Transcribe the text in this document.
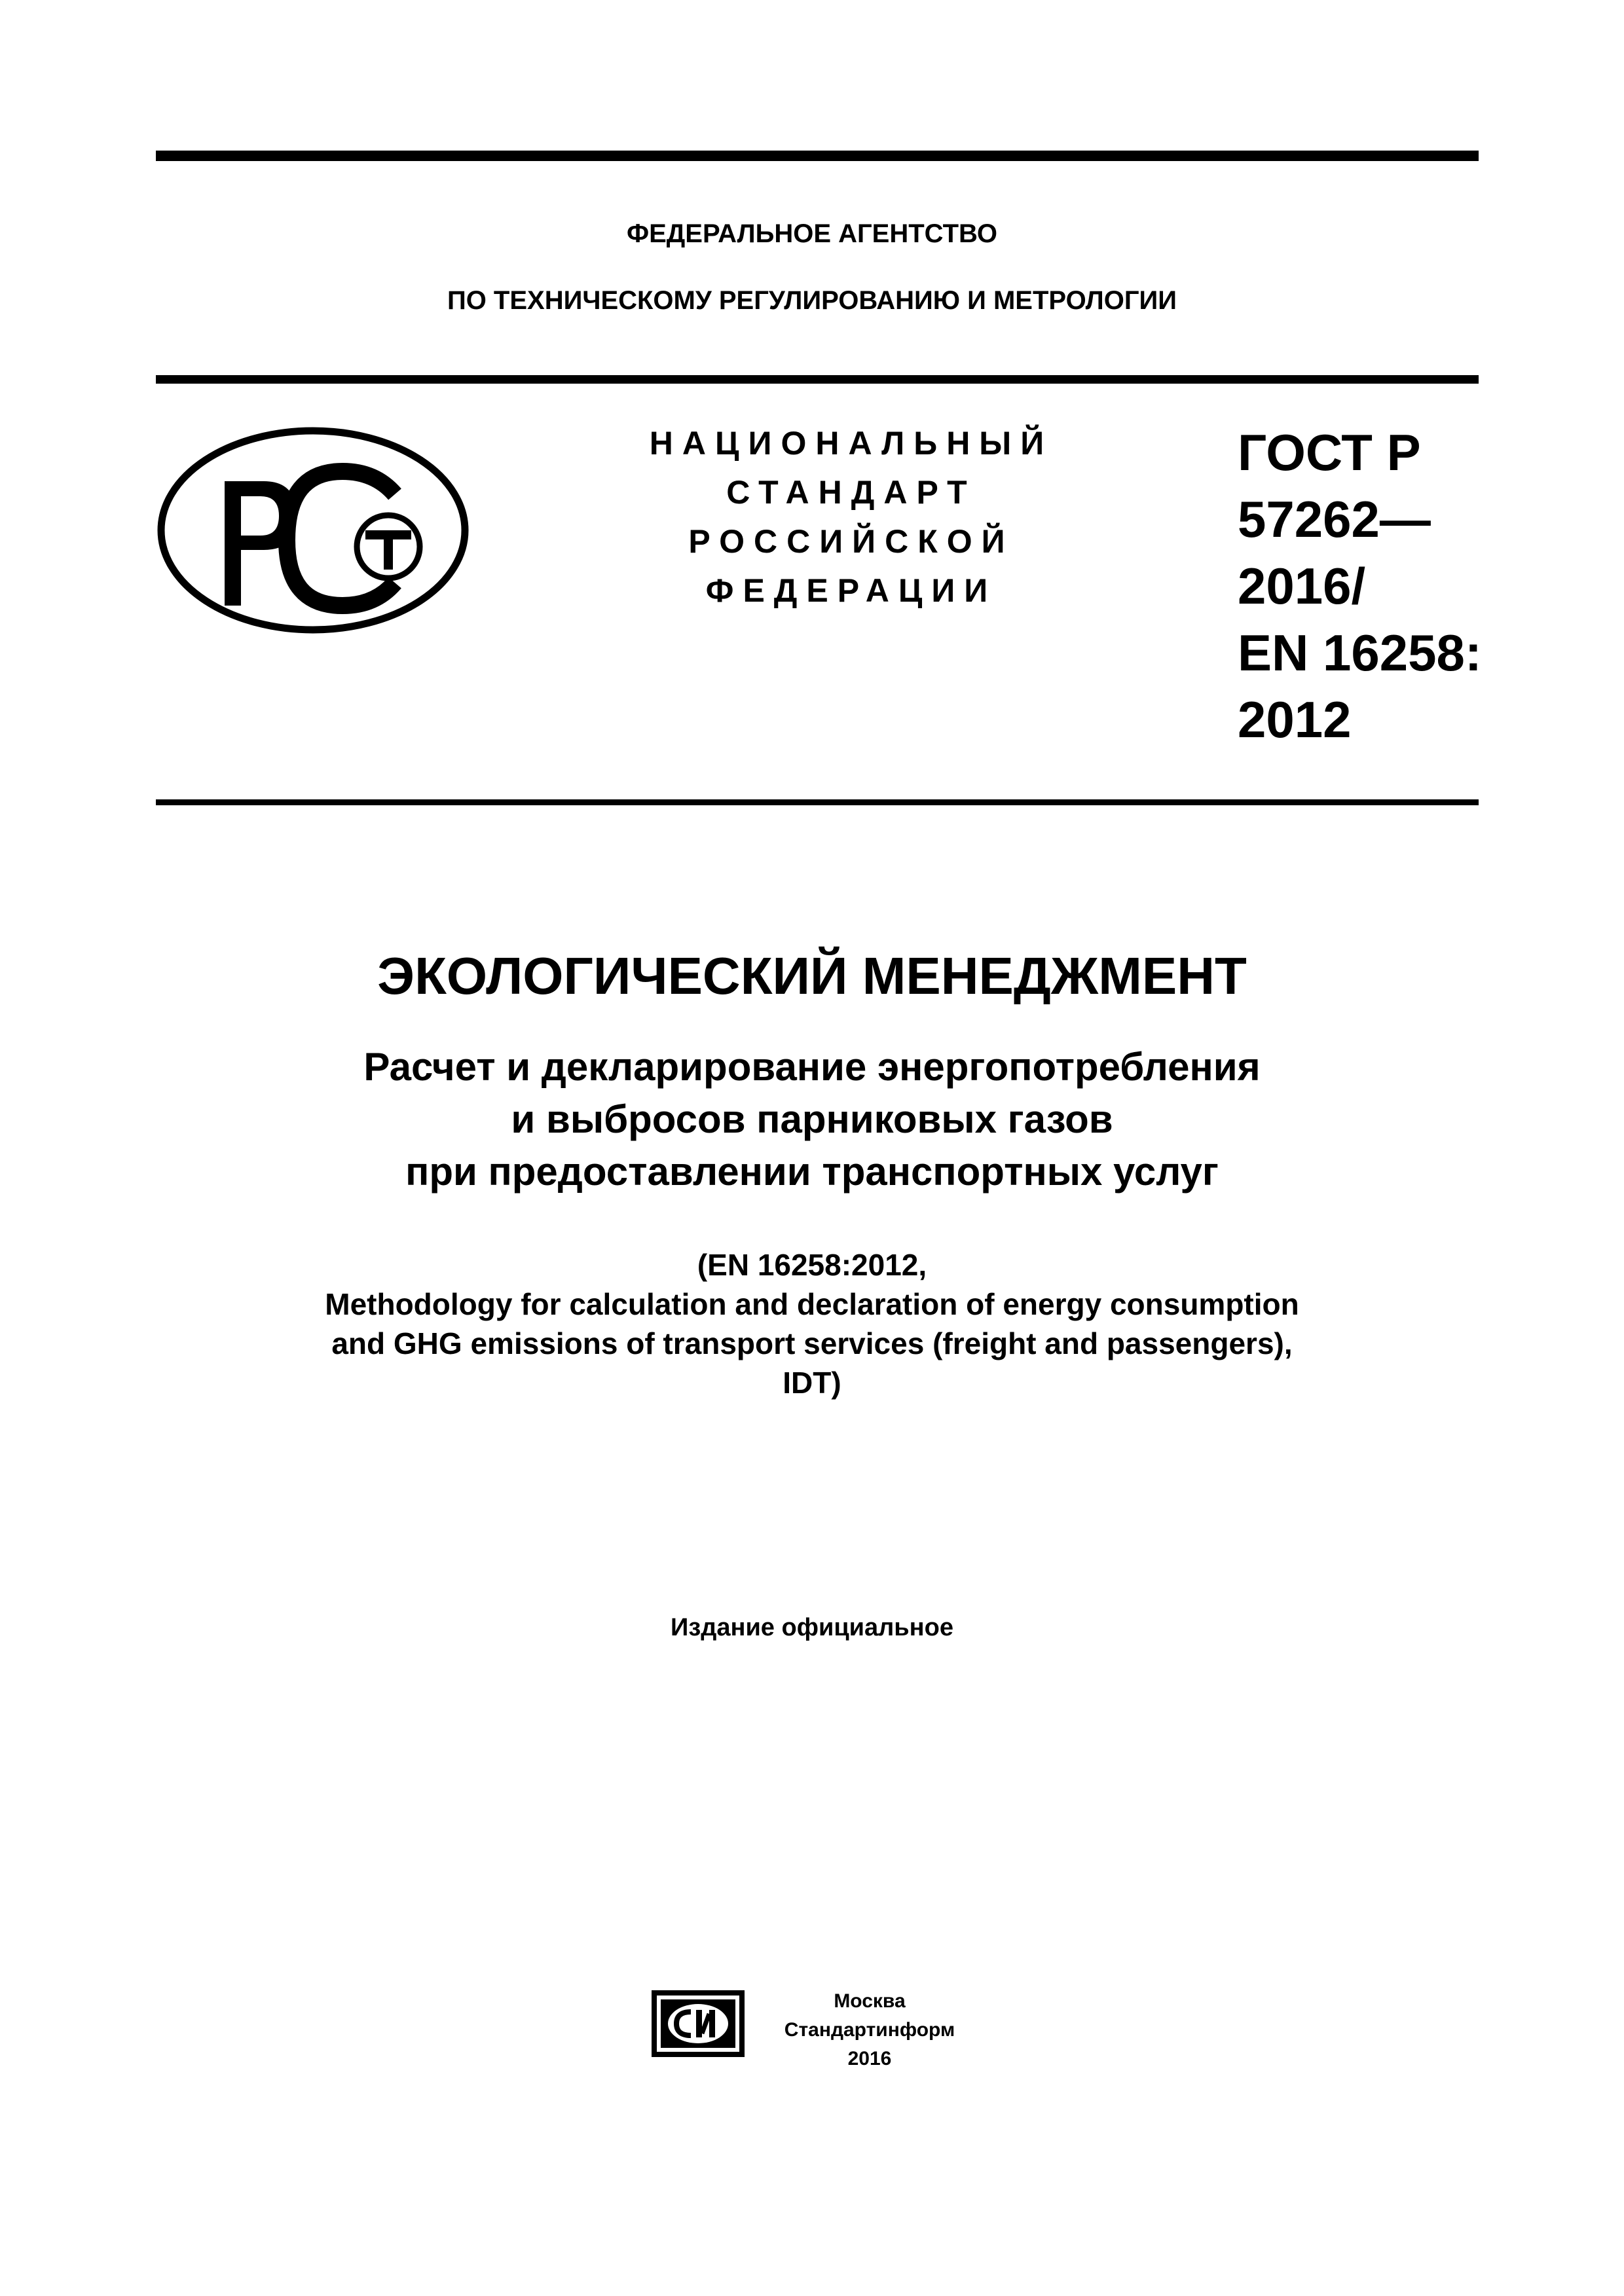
ФЕДЕРАЛЬНОЕ АГЕНТСТВО
ПО ТЕХНИЧЕСКОМУ РЕГУЛИРОВАНИЮ И МЕТРОЛОГИИ
НАЦИОНАЛЬНЫЙ
СТАНДАРТ
РОССИЙСКОЙ
ФЕДЕРАЦИИ
ГОСТ Р
57262—
2016/
EN 16258:
2012
ЭКОЛОГИЧЕСКИЙ МЕНЕДЖМЕНТ
Расчет и декларирование энергопотребления
и выбросов парниковых газов
при предоставлении транспортных услуг
(EN 16258:2012,
Methodology for calculation and declaration of energy consumption
and GHG emissions of transport services (freight and passengers),
IDT)
Издание официальное
Москва
Стандартинформ
2016
